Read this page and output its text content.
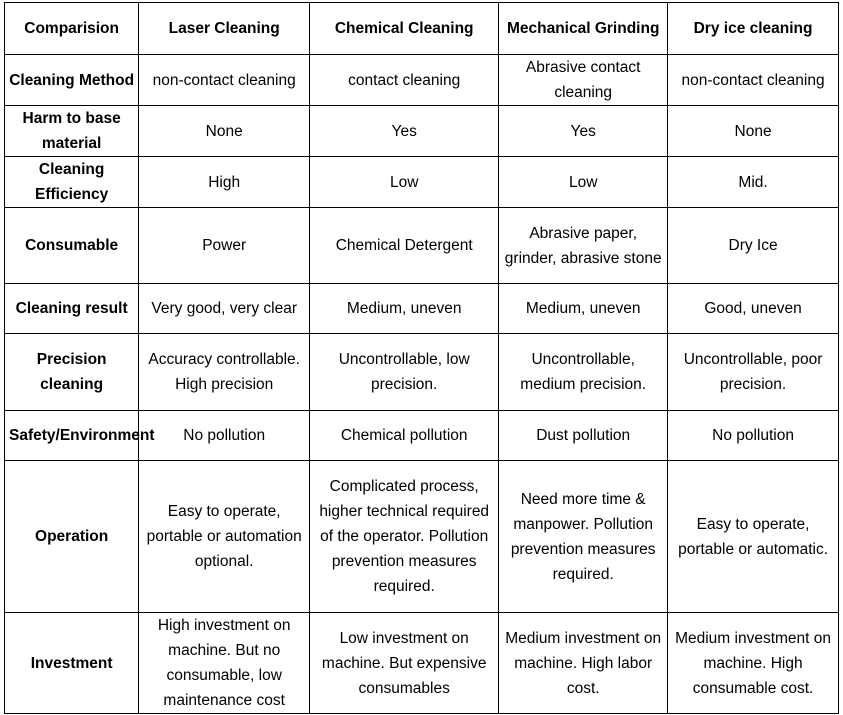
Comparision	Laser Cleaning	Chemical Cleaning	Mechanical Grinding	Dry ice cleaning
Cleaning Method	non-contact cleaning	contact cleaning	Abrasive contact cleaning	non-contact cleaning
Harm to base material	None	Yes	Yes	None
Cleaning Efficiency	High	Low	Low	Mid.
Consumable	Power	Chemical Detergent	Abrasive paper, grinder, abrasive stone	Dry Ice
Cleaning result	Very good, very clear	Medium, uneven	Medium, uneven	Good, uneven
Precision cleaning	Accuracy controllable. High precision	Uncontrollable, low precision.	Uncontrollable, medium precision.	Uncontrollable, poor precision.
Safety/Environment	No pollution	Chemical pollution	Dust pollution	No pollution
Operation	Easy to operate, portable or automation optional.	Complicated process, higher technical required of the operator. Pollution prevention measures required.	Need more time & manpower. Pollution prevention measures required.	Easy to operate, portable or automatic.
Investment	High investment on machine. But no consumable, low maintenance cost	Low investment on machine. But expensive consumables	Medium investment on machine. High labor cost.	Medium investment on machine. High consumable cost.
